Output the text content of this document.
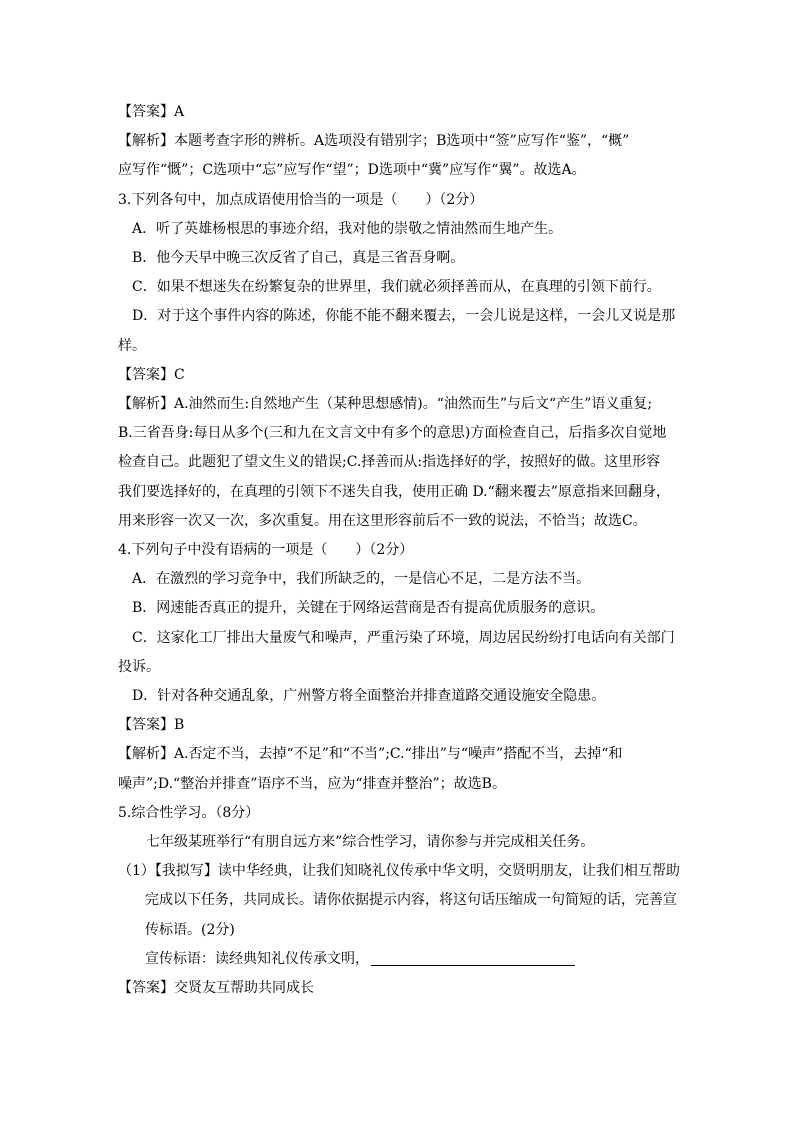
【答案】A
【解析】本题考查字形的辨析。A选项没有错别字；B选项中“签”应写作“鉴”，“概”
应写作“慨”；C选项中“忘”应写作“望”；D选项中“冀”应写作“翼”。故选A。
3.下列各句中，加点成语使用恰当的一项是（　　）（2分）
A．听了英雄杨根思的事迹介绍，我对他的崇敬之情油然而生地产生。
B．他今天早中晚三次反省了自己，真是三省吾身啊。
C．如果不想迷失在纷繁复杂的世界里，我们就必须择善而从，在真理的引领下前行。
D．对于这个事件内容的陈述，你能不能不翻来覆去，一会儿说是这样，一会儿又说是那
样。
【答案】C
【解析】A.油然而生:自然地产生（某种思想感情)。“油然而生”与后文“产生”语义重复;
B.三省吾身:每日从多个(三和九在文言文中有多个的意思)方面检查自己，后指多次自觉地
检查自己。此题犯了望文生义的错误;C.择善而从:指选择好的学，按照好的做。这里形容
我们要选择好的，在真理的引领下不迷失自我，使用正确 D.“翻来覆去”原意指来回翻身，
用来形容一次又一次，多次重复。用在这里形容前后不一致的说法，不恰当；故选C。
4.下列句子中没有语病的一项是（　　）（2分）
A．在激烈的学习竞争中，我们所缺乏的，一是信心不足，二是方法不当。
B．网速能否真正的提升，关键在于网络运营商是否有提高优质服务的意识。
C．这家化工厂排出大量废气和噪声，严重污染了环境，周边居民纷纷打电话向有关部门
投诉。
D．针对各种交通乱象，广州警方将全面整治并排查道路交通设施安全隐患。
【答案】B
【解析】A.否定不当，去掉“不足”和“不当”;C.“排出”与“噪声”搭配不当，去掉“和
噪声”;D.“整治并排查”语序不当，应为“排查并整治”；故选B。
5.综合性学习。（8分）
七年级某班举行“有朋自远方来”综合性学习，请你参与并完成相关任务。
（1）【我拟写】读中华经典，让我们知晓礼仪传承中华文明，交贤明朋友，让我们相互帮助
完成以下任务，共同成长。请你依据提示内容，将这句话压缩成一句简短的话，完善宣
传标语。(2分)
宣传标语：读经典知礼仪传承文明，
【答案】交贤友互帮助共同成长
